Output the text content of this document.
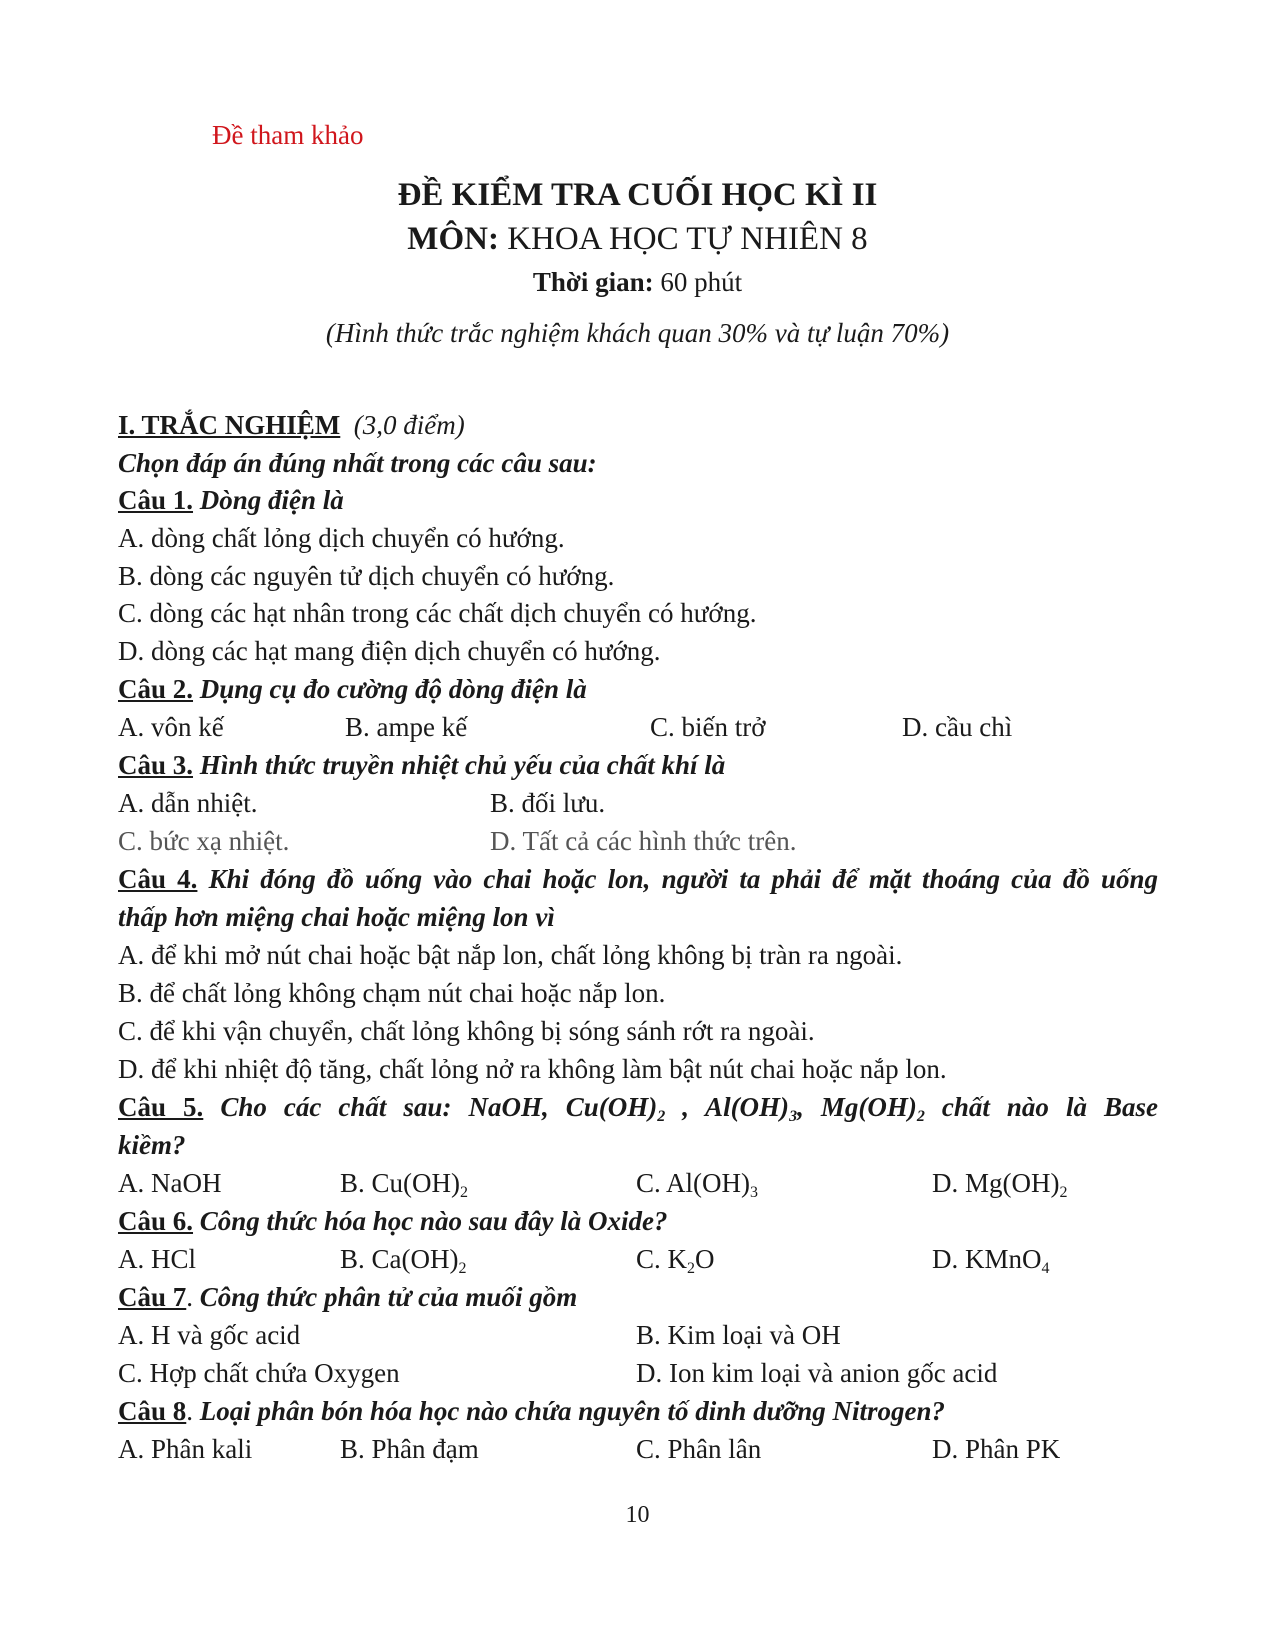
Đề tham khảo
ĐỀ KIỂM TRA CUỐI HỌC KÌ II
MÔN: KHOA HỌC TỰ NHIÊN 8
Thời gian: 60 phút
(Hình thức trắc nghiệm khách quan 30% và tự luận 70%)
I. TRẮC NGHIỆM (3,0 điểm)
Chọn đáp án đúng nhất trong các câu sau:
Câu 1. Dòng điện là
A. dòng chất lỏng dịch chuyển có hướng.
B. dòng các nguyên tử dịch chuyển có hướng.
C. dòng các hạt nhân trong các chất dịch chuyển có hướng.
D. dòng các hạt mang điện dịch chuyển có hướng.
Câu 2. Dụng cụ đo cường độ dòng điện là
A. vôn kế	B. ampe kế	C. biến trở	D. cầu chì
Câu 3. Hình thức truyền nhiệt chủ yếu của chất khí là
A. dẫn nhiệt.	B. đối lưu.
C. bức xạ nhiệt.	D. Tất cả các hình thức trên.
Câu 4. Khi đóng đồ uống vào chai hoặc lon, người ta phải để mặt thoáng của đồ uống
thấp hơn miệng chai hoặc miệng lon vì
A. để khi mở nút chai hoặc bật nắp lon, chất lỏng không bị tràn ra ngoài.
B. để chất lỏng không chạm nút chai hoặc nắp lon.
C. để khi vận chuyển, chất lỏng không bị sóng sánh rớt ra ngoài.
D. để khi nhiệt độ tăng, chất lỏng nở ra không làm bật nút chai hoặc nắp lon.
Câu 5. Cho các chất sau: NaOH, $Cu(OH)_2$ , $Al(OH)_3$, $Mg(OH)_2$ chất nào là Base
kiềm?
A. NaOH	B. $Cu(OH)_2$	C. $Al(OH)_3$	D. $Mg(OH)_2$
Câu 6. Công thức hóa học nào sau đây là Oxide?
A. HCl	B. $Ca(OH)_2$	C. $K_2O$	D. KMnO$_4$
Câu 7. Công thức phân tử của muối gồm
A. H và gốc acid	B. Kim loại và OH
C. Hợp chất chứa Oxygen	D. Ion kim loại và anion gốc acid
Câu 8. Loại phân bón hóa học nào chứa nguyên tố dinh dưỡng Nitrogen?
A. Phân kali	B. Phân đạm	C. Phân lân	D. Phân PK
10
